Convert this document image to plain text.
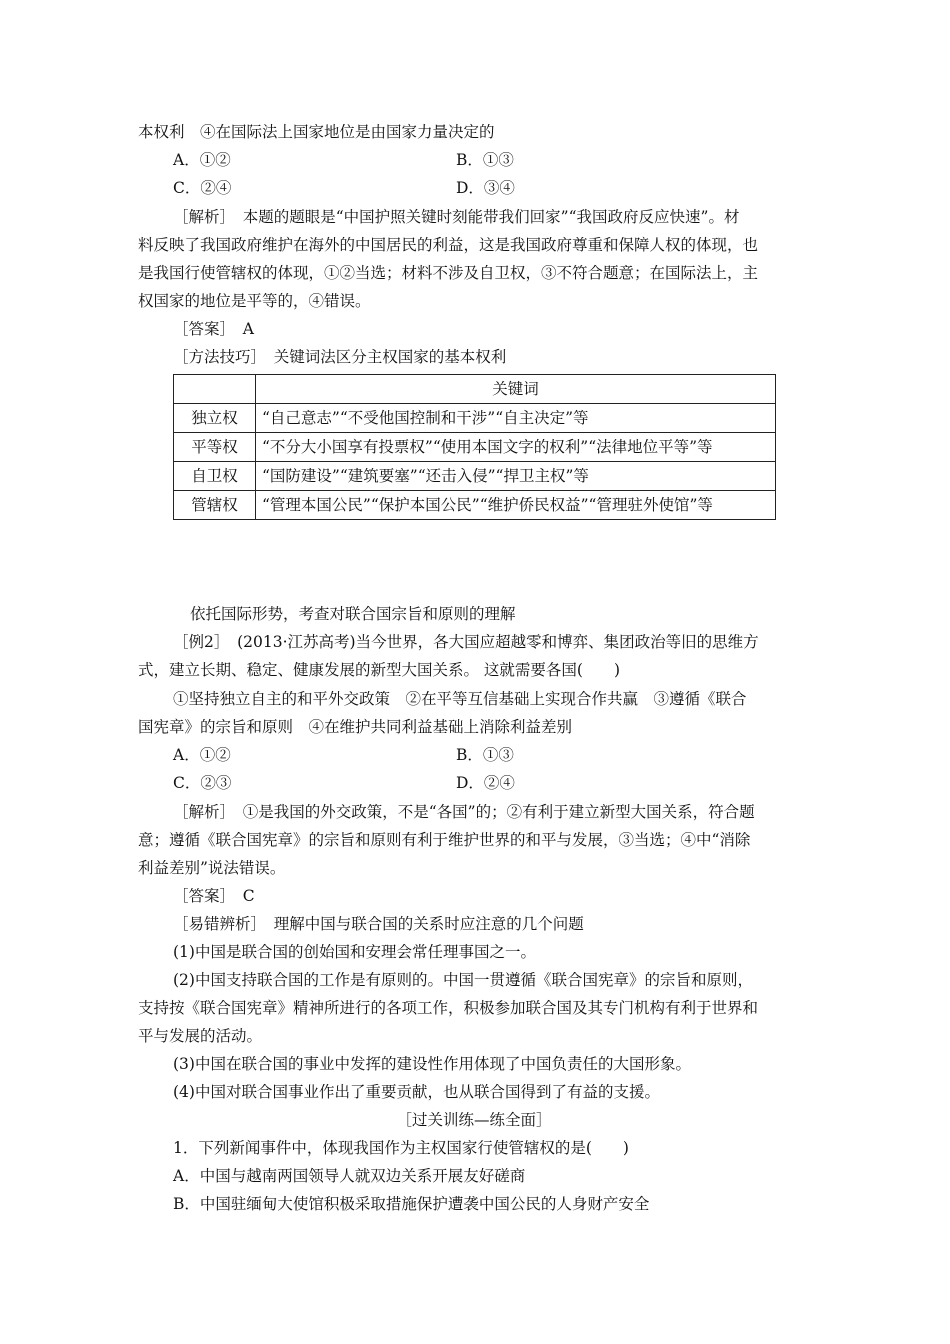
本权利　④在国际法上国家地位是由国家力量决定的
A．①②	B．①③
C．②④	D．③④
［解析］　本题的题眼是“中国护照关键时刻能带我们回家”“我国政府反应快速”。材
料反映了我国政府维护在海外的中国居民的利益，这是我国政府尊重和保障人权的体现，也
是我国行使管辖权的体现，①②当选；材料不涉及自卫权，③不符合题意；在国际法上，主
权国家的地位是平等的，④错误。
［答案］　A
［方法技巧］　关键词法区分主权国家的基本权利
	关键词
独立权	“自己意志”“不受他国控制和干涉”“自主决定”等
平等权	“不分大小国享有投票权”“使用本国文字的权利”“法律地位平等”等
自卫权	“国防建设”“建筑要塞”“还击入侵”“捍卫主权”等
管辖权	“管理本国公民”“保护本国公民”“维护侨民权益”“管理驻外使馆”等
依托国际形势，考查对联合国宗旨和原则的理解
［例2］　(2013·江苏高考)当今世界，各大国应超越零和博弈、集团政治等旧的思维方
式，建立长期、稳定、健康发展的新型大国关系。 这就需要各国(　　)
①坚持独立自主的和平外交政策　②在平等互信基础上实现合作共赢　③遵循《联合
国宪章》的宗旨和原则　④在维护共同利益基础上消除利益差别
A．①②	B．①③
C．②③	D．②④
［解析］　①是我国的外交政策，不是“各国”的；②有利于建立新型大国关系，符合题
意；遵循《联合国宪章》的宗旨和原则有利于维护世界的和平与发展，③当选；④中“消除
利益差别”说法错误。
［答案］　C
［易错辨析］　理解中国与联合国的关系时应注意的几个问题
(1)中国是联合国的创始国和安理会常任理事国之一。
(2)中国支持联合国的工作是有原则的。中国一贯遵循《联合国宪章》的宗旨和原则，
支持按《联合国宪章》精神所进行的各项工作，积极参加联合国及其专门机构有利于世界和
平与发展的活动。
(3)中国在联合国的事业中发挥的建设性作用体现了中国负责任的大国形象。
(4)中国对联合国事业作出了重要贡献，也从联合国得到了有益的支援。
［过关训练—练全面］
1．下列新闻事件中，体现我国作为主权国家行使管辖权的是(　　)
A．中国与越南两国领导人就双边关系开展友好磋商
B．中国驻缅甸大使馆积极采取措施保护遭袭中国公民的人身财产安全
